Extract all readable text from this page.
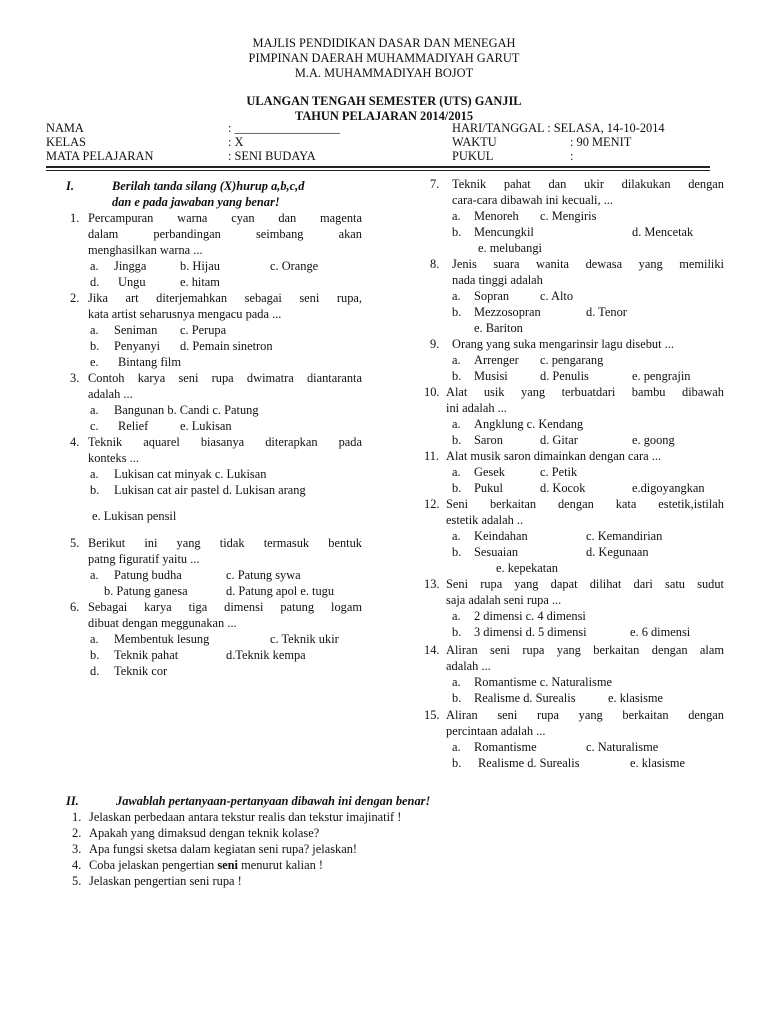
MAJLIS PENDIDIKAN DASAR DAN MENEGAH
PIMPINAN DAERAH MUHAMMADIYAH GARUT
M.A. MUHAMMADIYAH BOJOT
ULANGAN TENGAH SEMESTER (UTS) GANJIL
TAHUN PELAJARAN 2014/2015
NAMA	: _________________
KELAS	: X
MATA PELAJARAN	: SENI BUDAYA
HARI/TANGGAL : SELASA, 14-10-2014
WAKTU	: 90 MENIT
PUKUL	:
I.	Berilah tanda silang (X)hurup a,b,c,d
dan e pada jawaban yang benar!
1. Percampuran warna cyan dan magenta
dalam perbandingan seimbang akan
menghasilkan warna ...
a. Jingga	b. Hijau	c. Orange
d. Ungu	e. hitam
2. Jika art diterjemahkan sebagai seni rupa,
kata artist seharusnya mengacu pada ...
a. Seniman c. Perupa
b. Penyanyi d. Pemain sinetron
e. Bintang film
3. Contoh karya seni rupa dwimatra diantaranta
adalah ...
a. Bangunan b. Candi c. Patung
c. Relief	e. Lukisan
4. Teknik aquarel biasanya diterapkan pada
konteks ...
a. Lukisan cat minyak c. Lukisan
b. Lukisan cat air pastel d. Lukisan arang
e. Lukisan pensil
5. Berikut ini yang tidak termasuk bentuk
patng figuratif yaitu ...
a. Patung budha	c. Patung sywa
b. Patung ganesa	d. Patung apol e. tugu
6. Sebagai karya tiga dimensi patung logam
dibuat dengan meggunakan ...
a. Membentuk lesung	c. Teknik ukir
b. Teknik pahat	d.Teknik kempa
d. Teknik cor
7. Teknik pahat dan ukir dilakukan dengan
cara-cara dibawah ini kecuali, ...
a. Menoreh c. Mengiris
b. Mencungkil	d. Mencetak
e. melubangi
8. Jenis suara wanita dewasa yang memiliki
nada tinggi adalah
a. Sopran c. Alto
b. Mezzosopran	d. Tenor
e. Bariton
9. Orang yang suka mengarinsir lagu disebut ...
a. Arrenger c. pengarang
b. Musisi	d. Penulis	e. pengrajin
10. Alat usik yang terbuatdari bambu dibawah
ini adalah ...
a. Angklung c. Kendang
b. Saron	d. Gitar	e. goong
11. Alat musik saron dimainkan dengan cara ...
a. Gesek	c. Petik
b. Pukul	d. Kocok	e.digoyangkan
12. Seni berkaitan dengan kata estetik,istilah
estetik adalah ..
a. Keindahan	c. Kemandirian
b. Sesuaian	d. Kegunaan
e. kepekatan
13. Seni rupa yang dapat dilihat dari satu sudut
saja adalah seni rupa ...
a. 2 dimensi c. 4 dimensi
b. 3 dimensi d. 5 dimensi	e. 6 dimensi
14. Aliran seni rupa yang berkaitan dengan alam
adalah ...
a. Romantisme c. Naturalisme
b. Realisme d. Surealis	e. klasisme
15. Aliran seni rupa yang berkaitan dengan
percintaan adalah ...
a. Romantisme	c. Naturalisme
b. Realisme d. Surealis	e. klasisme
II.	Jawablah pertanyaan-pertanyaan dibawah ini dengan benar!
1. Jelaskan perbedaan antara tekstur realis dan tekstur imajinatif !
2. Apakah yang dimaksud dengan teknik kolase?
3. Apa fungsi sketsa dalam kegiatan seni rupa? jelaskan!
4. Coba jelaskan pengertian seni menurut kalian !
5. Jelaskan pengertian seni rupa !
